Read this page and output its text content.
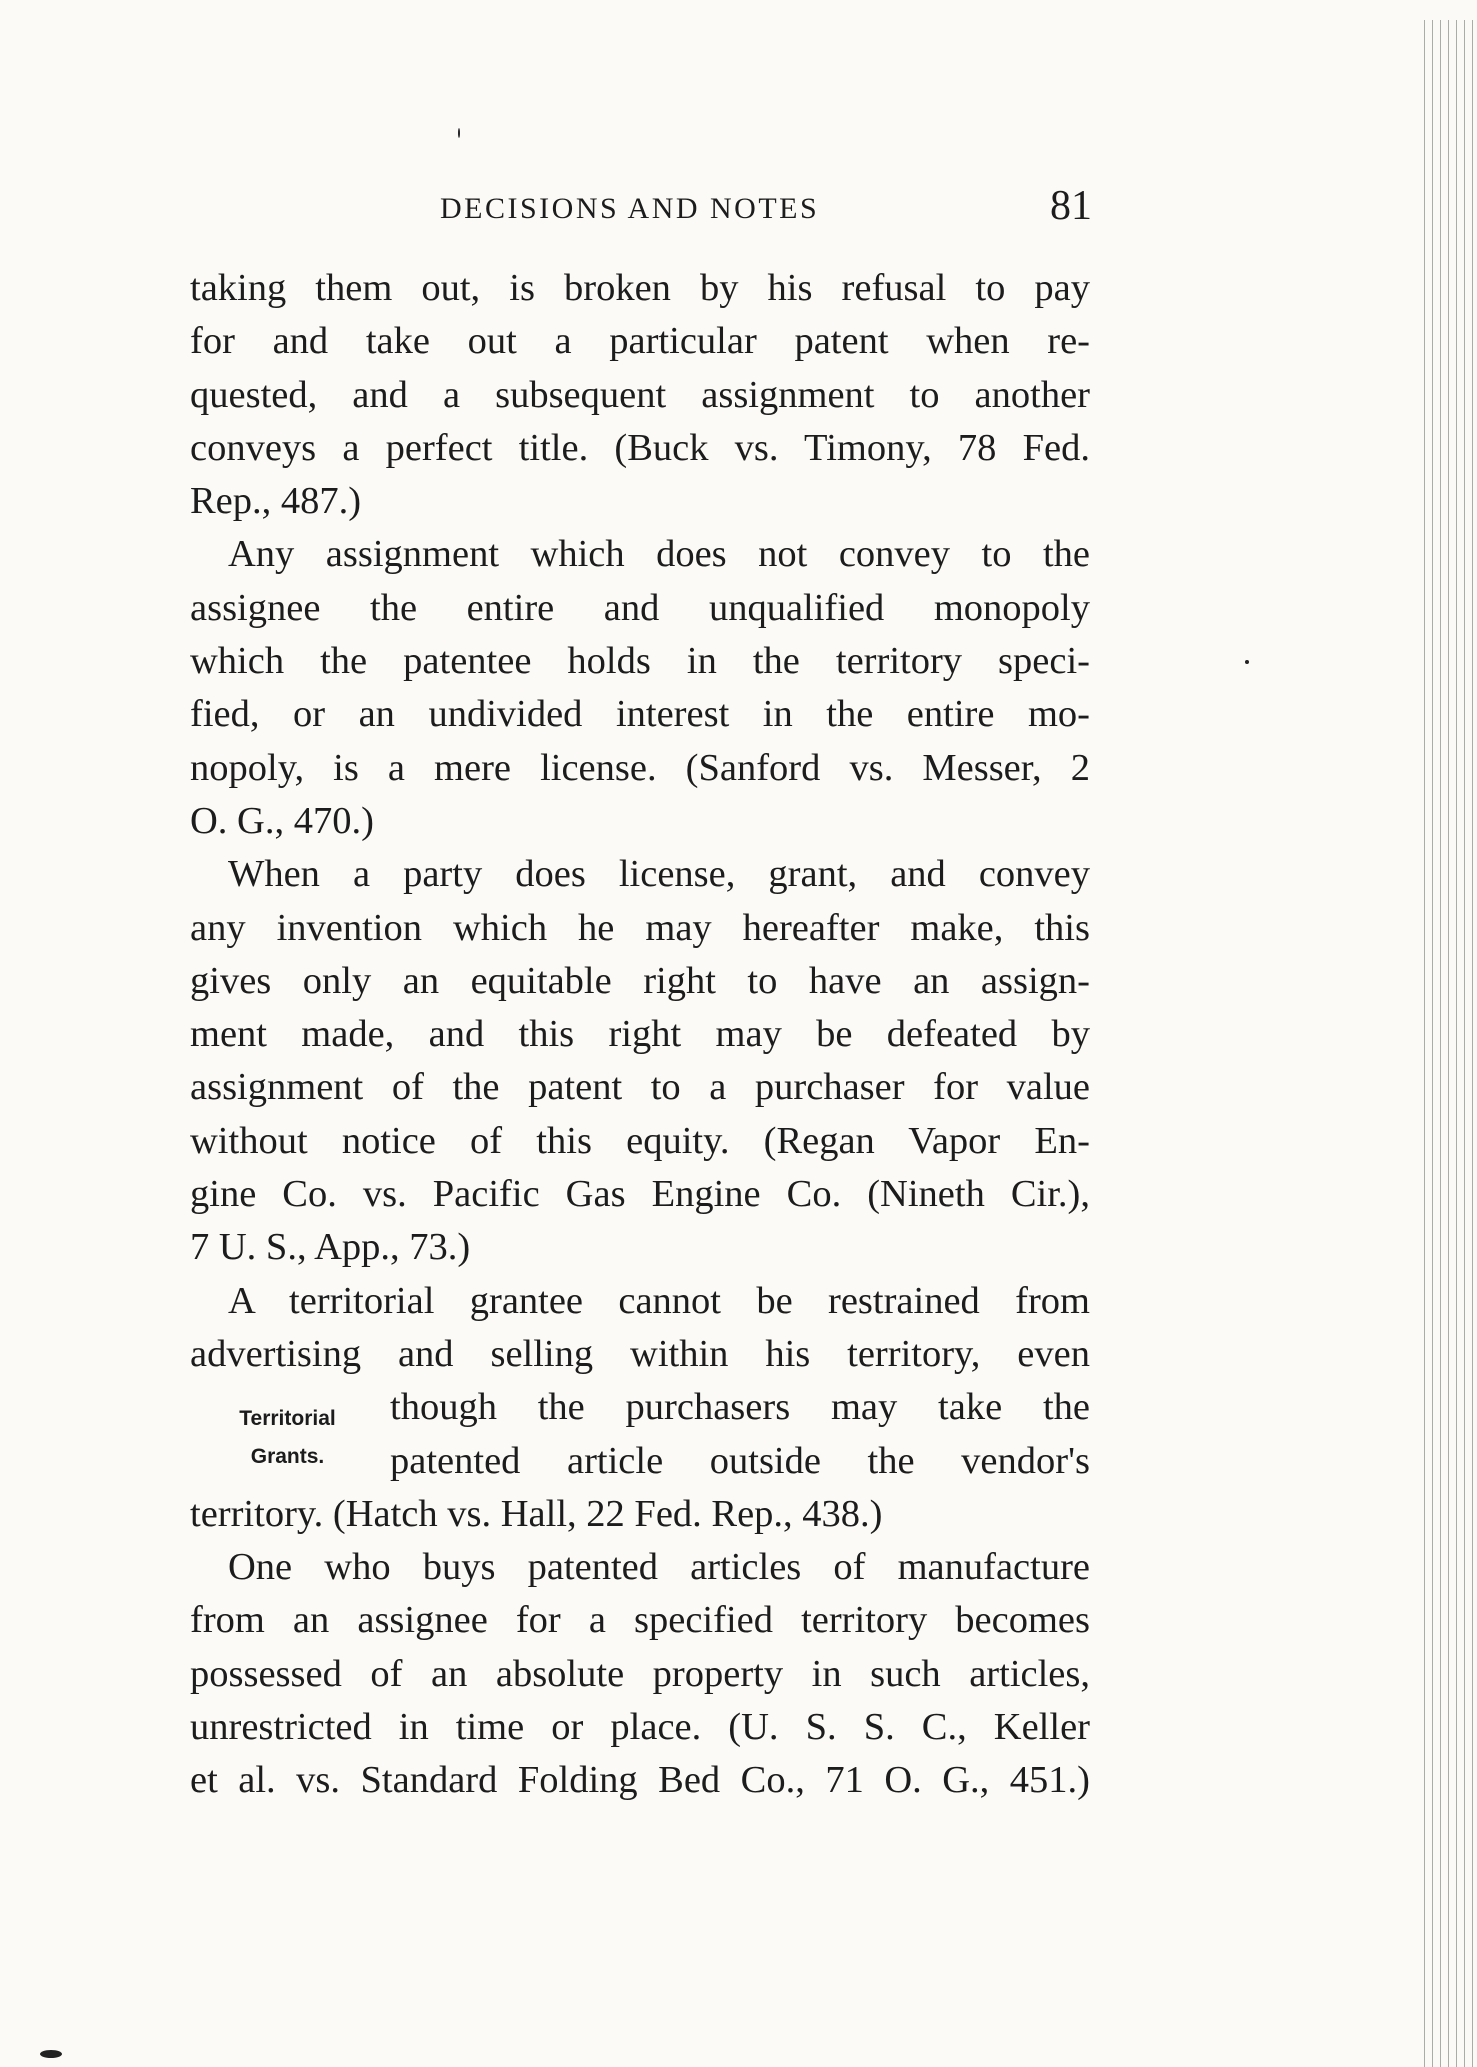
DECISIONS AND NOTES	81
taking them out, is broken by his refusal to pay
for and take out a particular patent when re-
quested, and a subsequent assignment to another
conveys a perfect title. (Buck vs. Timony, 78 Fed.
Rep., 487.)
Any assignment which does not convey to the
assignee the entire and unqualified monopoly
which the patentee holds in the territory speci-
fied, or an undivided interest in the entire mo-
nopoly, is a mere license. (Sanford vs. Messer, 2
O. G., 470.)
When a party does license, grant, and convey
any invention which he may hereafter make, this
gives only an equitable right to have an assign-
ment made, and this right may be defeated by
assignment of the patent to a purchaser for value
without notice of this equity. (Regan Vapor En-
gine Co. vs. Pacific Gas Engine Co. (Nineth Cir.),
7 U. S., App., 73.)
A territorial grantee cannot be restrained from
advertising and selling within his territory, even
though the purchasers may take the
patented article outside the vendor's
territory. (Hatch vs. Hall, 22 Fed. Rep., 438.)
One who buys patented articles of manufacture
from an assignee for a specified territory becomes
possessed of an absolute property in such articles,
unrestricted in time or place. (U. S. S. C., Keller
et al. vs. Standard Folding Bed Co., 71 O. G., 451.)
Territorial
Grants.
